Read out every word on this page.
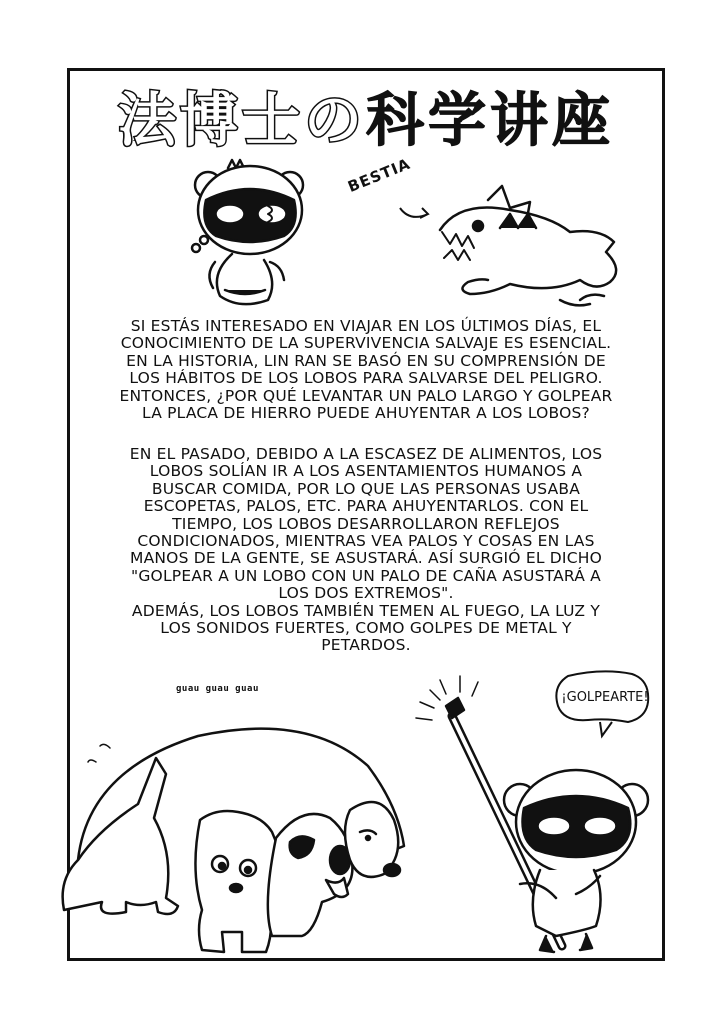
法博士の科学讲座
BESTIA

SI ESTÁS INTERESADO EN VIAJAR EN LOS ÚLTIMOS DÍAS, EL
CONOCIMIENTO DE LA SUPERVIVENCIA SALVAJE ES ESENCIAL.
EN LA HISTORIA, LIN RAN SE BASÓ EN SU COMPRENSIÓN DE
LOS HÁBITOS DE LOS LOBOS PARA SALVARSE DEL PELIGRO.
ENTONCES, ¿POR QUÉ LEVANTAR UN PALO LARGO Y GOLPEAR
LA PLACA DE HIERRO PUEDE AHUYENTAR A LOS LOBOS?

EN EL PASADO, DEBIDO A LA ESCASEZ DE ALIMENTOS, LOS
LOBOS SOLÍAN IR A LOS ASENTAMIENTOS HUMANOS A
BUSCAR COMIDA, POR LO QUE LAS PERSONAS USABA
ESCOPETAS, PALOS, ETC. PARA AHUYENTARLOS. CON EL
TIEMPO, LOS LOBOS DESARROLLARON REFLEJOS
CONDICIONADOS, MIENTRAS VEA PALOS Y COSAS EN LAS
MANOS DE LA GENTE, SE ASUSTARÁ. ASÍ SURGIÓ EL DICHO
"GOLPEAR A UN LOBO CON UN PALO DE CAÑA ASUSTARÁ A
LOS DOS EXTREMOS".
ADEMÁS, LOS LOBOS TAMBIÉN TEMEN AL FUEGO, LA LUZ Y
LOS SONIDOS FUERTES, COMO GOLPES DE METAL Y
PETARDOS.

guau guau guau
¡GOLPEARTE!
